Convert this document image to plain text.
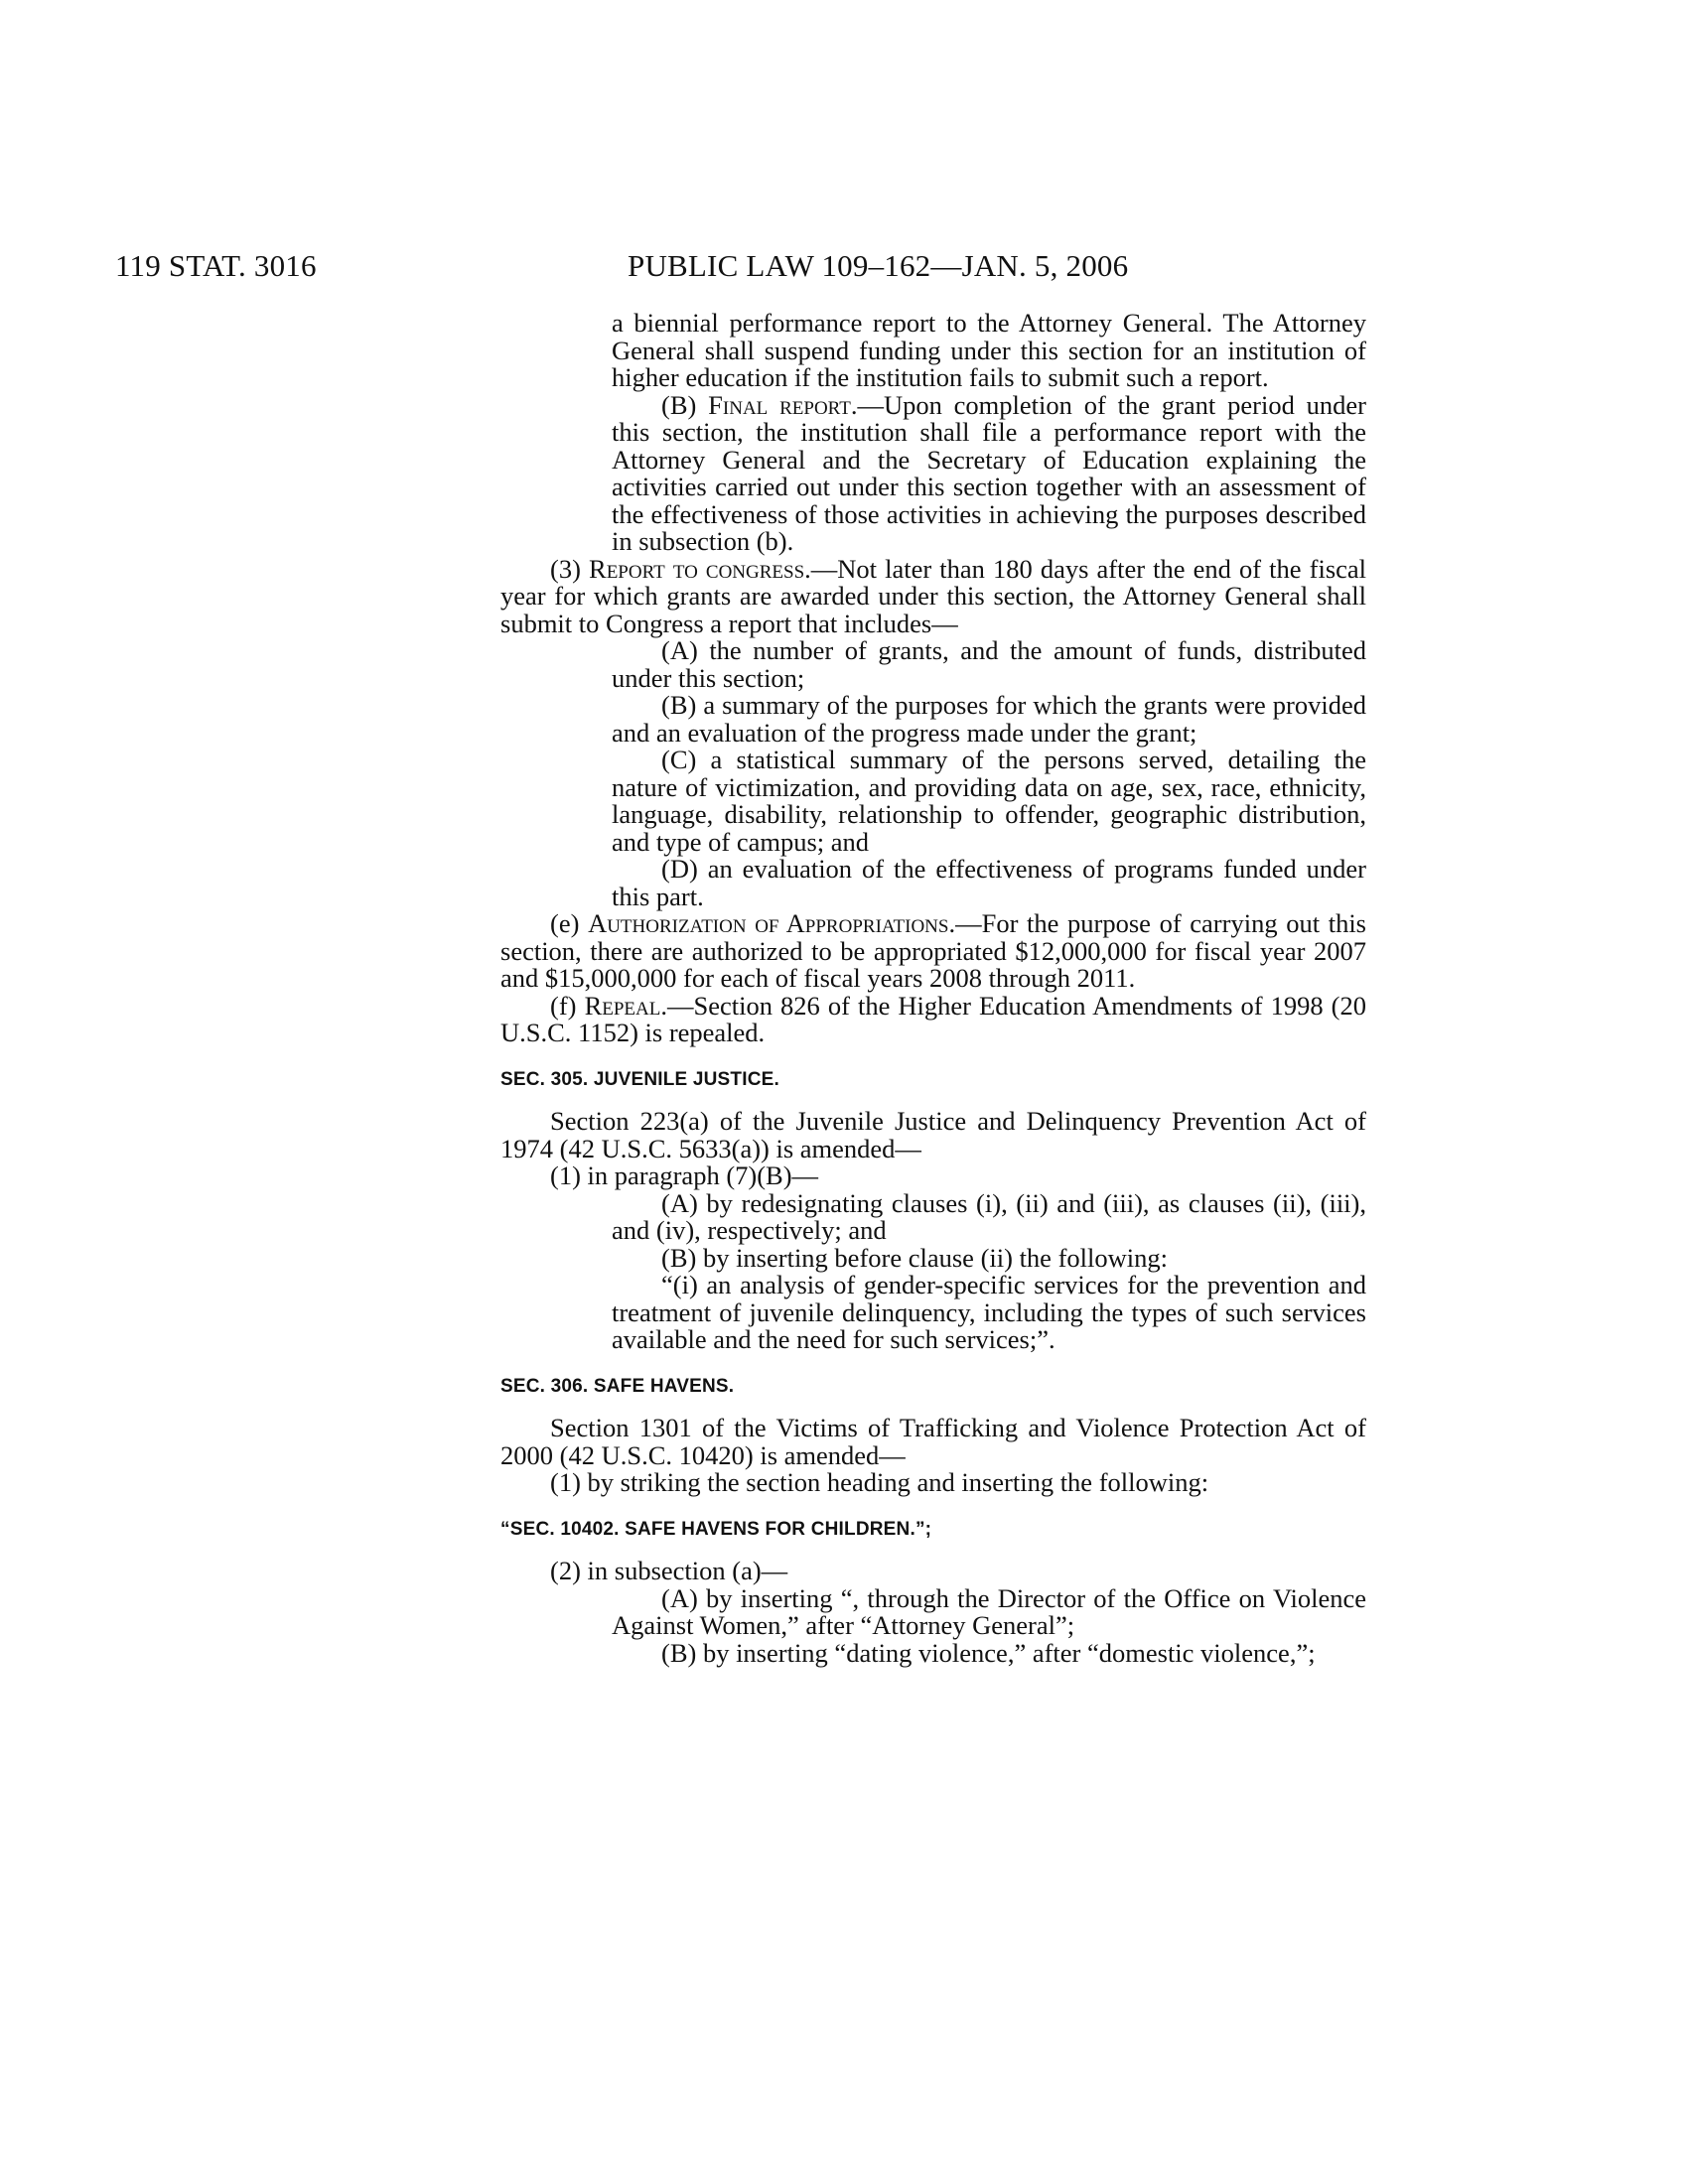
119 STAT. 3016	PUBLIC LAW 109–162—JAN. 5, 2006

a biennial performance report to the Attorney General. The Attorney General shall suspend funding under this section for an institution of higher education if the institution fails to submit such a report.

(B) Final report.—Upon completion of the grant period under this section, the institution shall file a performance report with the Attorney General and the Secretary of Education explaining the activities carried out under this section together with an assessment of the effectiveness of those activities in achieving the purposes described in subsection (b).

(3) Report to congress.—Not later than 180 days after the end of the fiscal year for which grants are awarded under this section, the Attorney General shall submit to Congress a report that includes—

(A) the number of grants, and the amount of funds, distributed under this section;

(B) a summary of the purposes for which the grants were provided and an evaluation of the progress made under the grant;

(C) a statistical summary of the persons served, detailing the nature of victimization, and providing data on age, sex, race, ethnicity, language, disability, relationship to offender, geographic distribution, and type of campus; and

(D) an evaluation of the effectiveness of programs funded under this part.

(e) Authorization of Appropriations.—For the purpose of carrying out this section, there are authorized to be appropriated $12,000,000 for fiscal year 2007 and $15,000,000 for each of fiscal years 2008 through 2011.

(f) Repeal.—Section 826 of the Higher Education Amendments of 1998 (20 U.S.C. 1152) is repealed.

SEC. 305. JUVENILE JUSTICE.

Section 223(a) of the Juvenile Justice and Delinquency Prevention Act of 1974 (42 U.S.C. 5633(a)) is amended—

(1) in paragraph (7)(B)—

(A) by redesignating clauses (i), (ii) and (iii), as clauses (ii), (iii), and (iv), respectively; and

(B) by inserting before clause (ii) the following:

“(i) an analysis of gender-specific services for the prevention and treatment of juvenile delinquency, including the types of such services available and the need for such services;”.

SEC. 306. SAFE HAVENS.

Section 1301 of the Victims of Trafficking and Violence Protection Act of 2000 (42 U.S.C. 10420) is amended—

(1) by striking the section heading and inserting the following:

“SEC. 10402. SAFE HAVENS FOR CHILDREN.”;

(2) in subsection (a)—

(A) by inserting “, through the Director of the Office on Violence Against Women,” after “Attorney General”;

(B) by inserting “dating violence,” after “domestic violence,”;
